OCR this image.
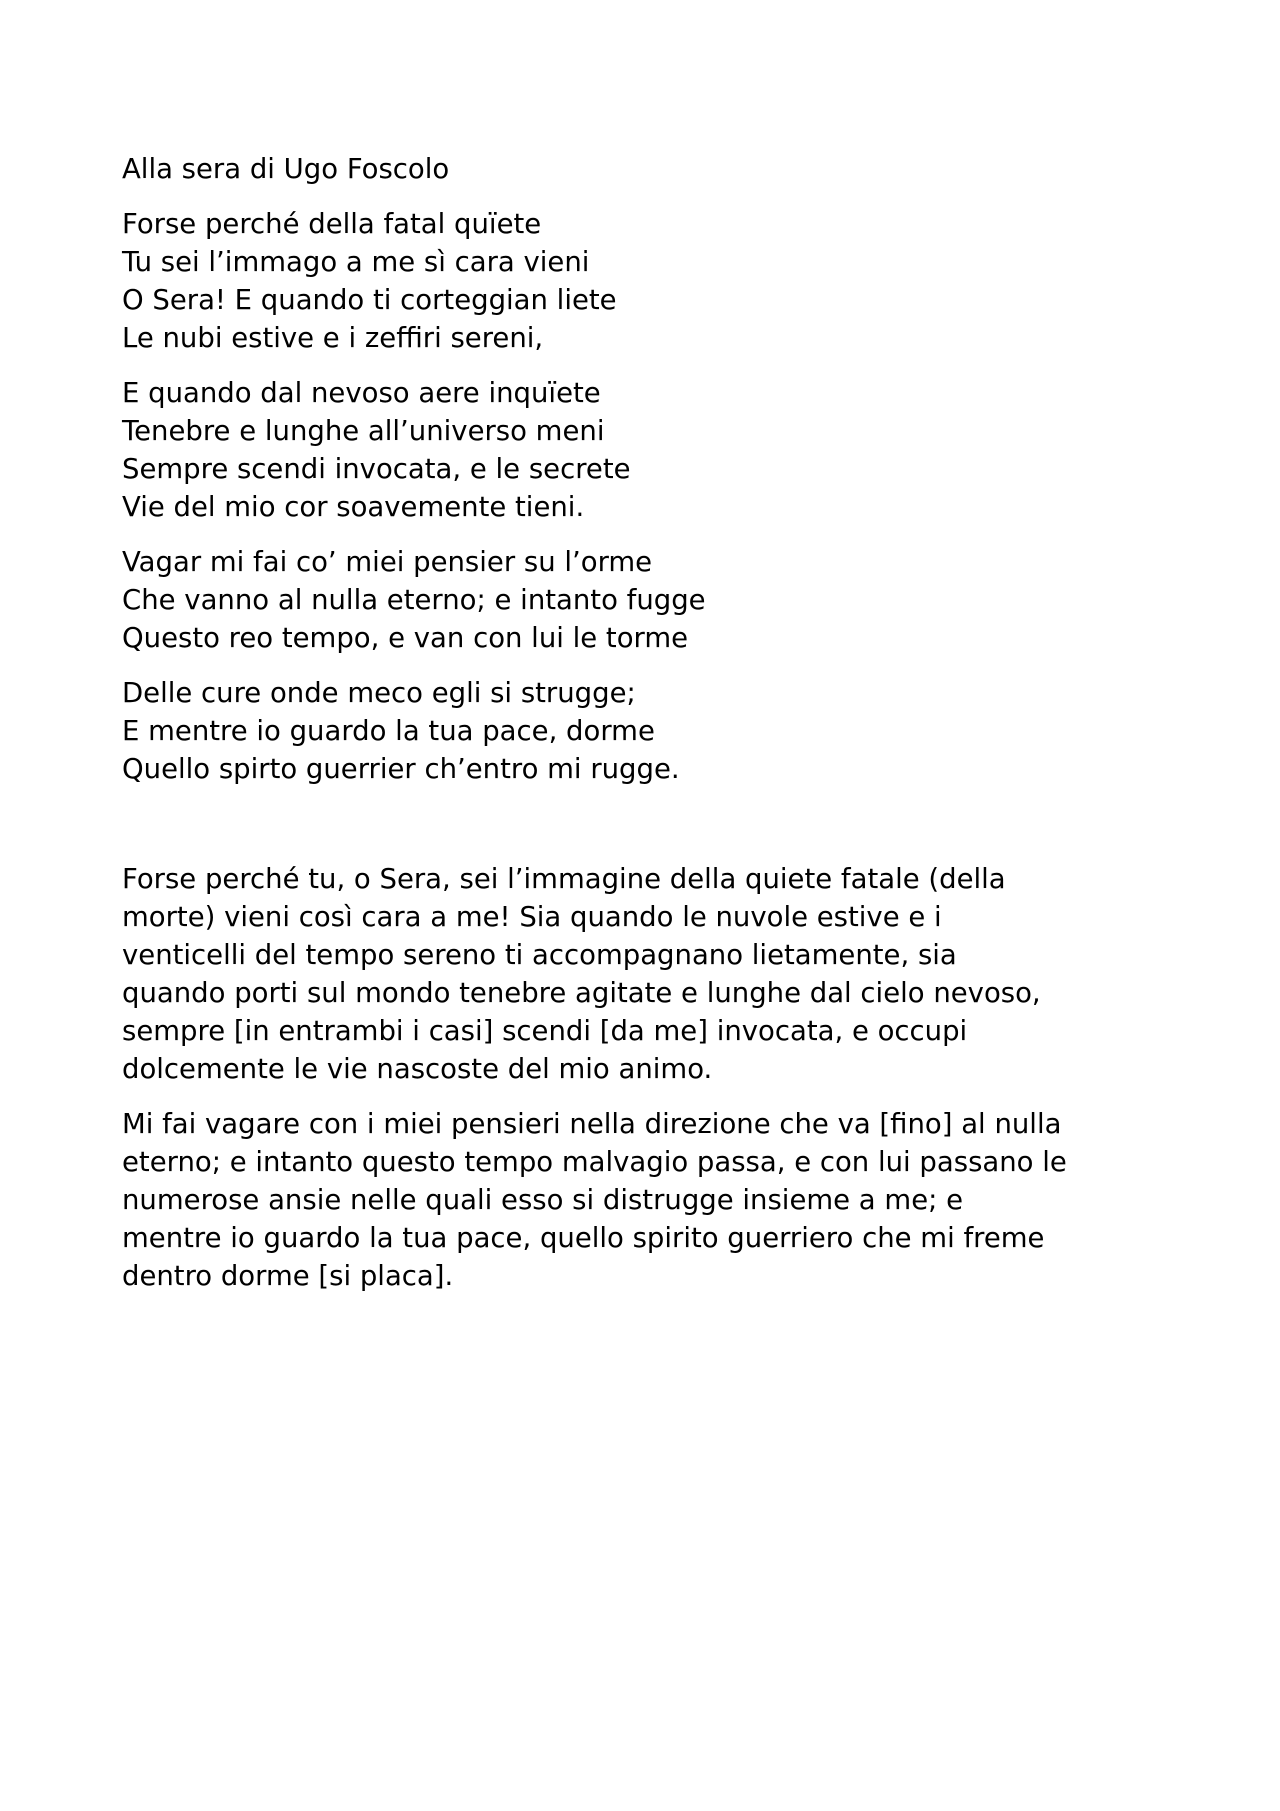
Alla sera di Ugo Foscolo
Forse perché della fatal quïete
Tu sei l’immago a me sì cara vieni
O Sera! E quando ti corteggian liete
Le nubi estive e i zeffiri sereni,
E quando dal nevoso aere inquïete
Tenebre e lunghe all’universo meni
Sempre scendi invocata, e le secrete
Vie del mio cor soavemente tieni.
Vagar mi fai co’ miei pensier su l’orme
Che vanno al nulla eterno; e intanto fugge
Questo reo tempo, e van con lui le torme
Delle cure onde meco egli si strugge;
E mentre io guardo la tua pace, dorme
Quello spirto guerrier ch’entro mi rugge.
Forse perché tu, o Sera, sei l’immagine della quiete fatale (della
morte) vieni così cara a me! Sia quando le nuvole estive e i
venticelli del tempo sereno ti accompagnano lietamente, sia
quando porti sul mondo tenebre agitate e lunghe dal cielo nevoso,
sempre [in entrambi i casi] scendi [da me] invocata, e occupi
dolcemente le vie nascoste del mio animo.
Mi fai vagare con i miei pensieri nella direzione che va [fino] al nulla
eterno; e intanto questo tempo malvagio passa, e con lui passano le
numerose ansie nelle quali esso si distrugge insieme a me; e
mentre io guardo la tua pace, quello spirito guerriero che mi freme
dentro dorme [si placa].
